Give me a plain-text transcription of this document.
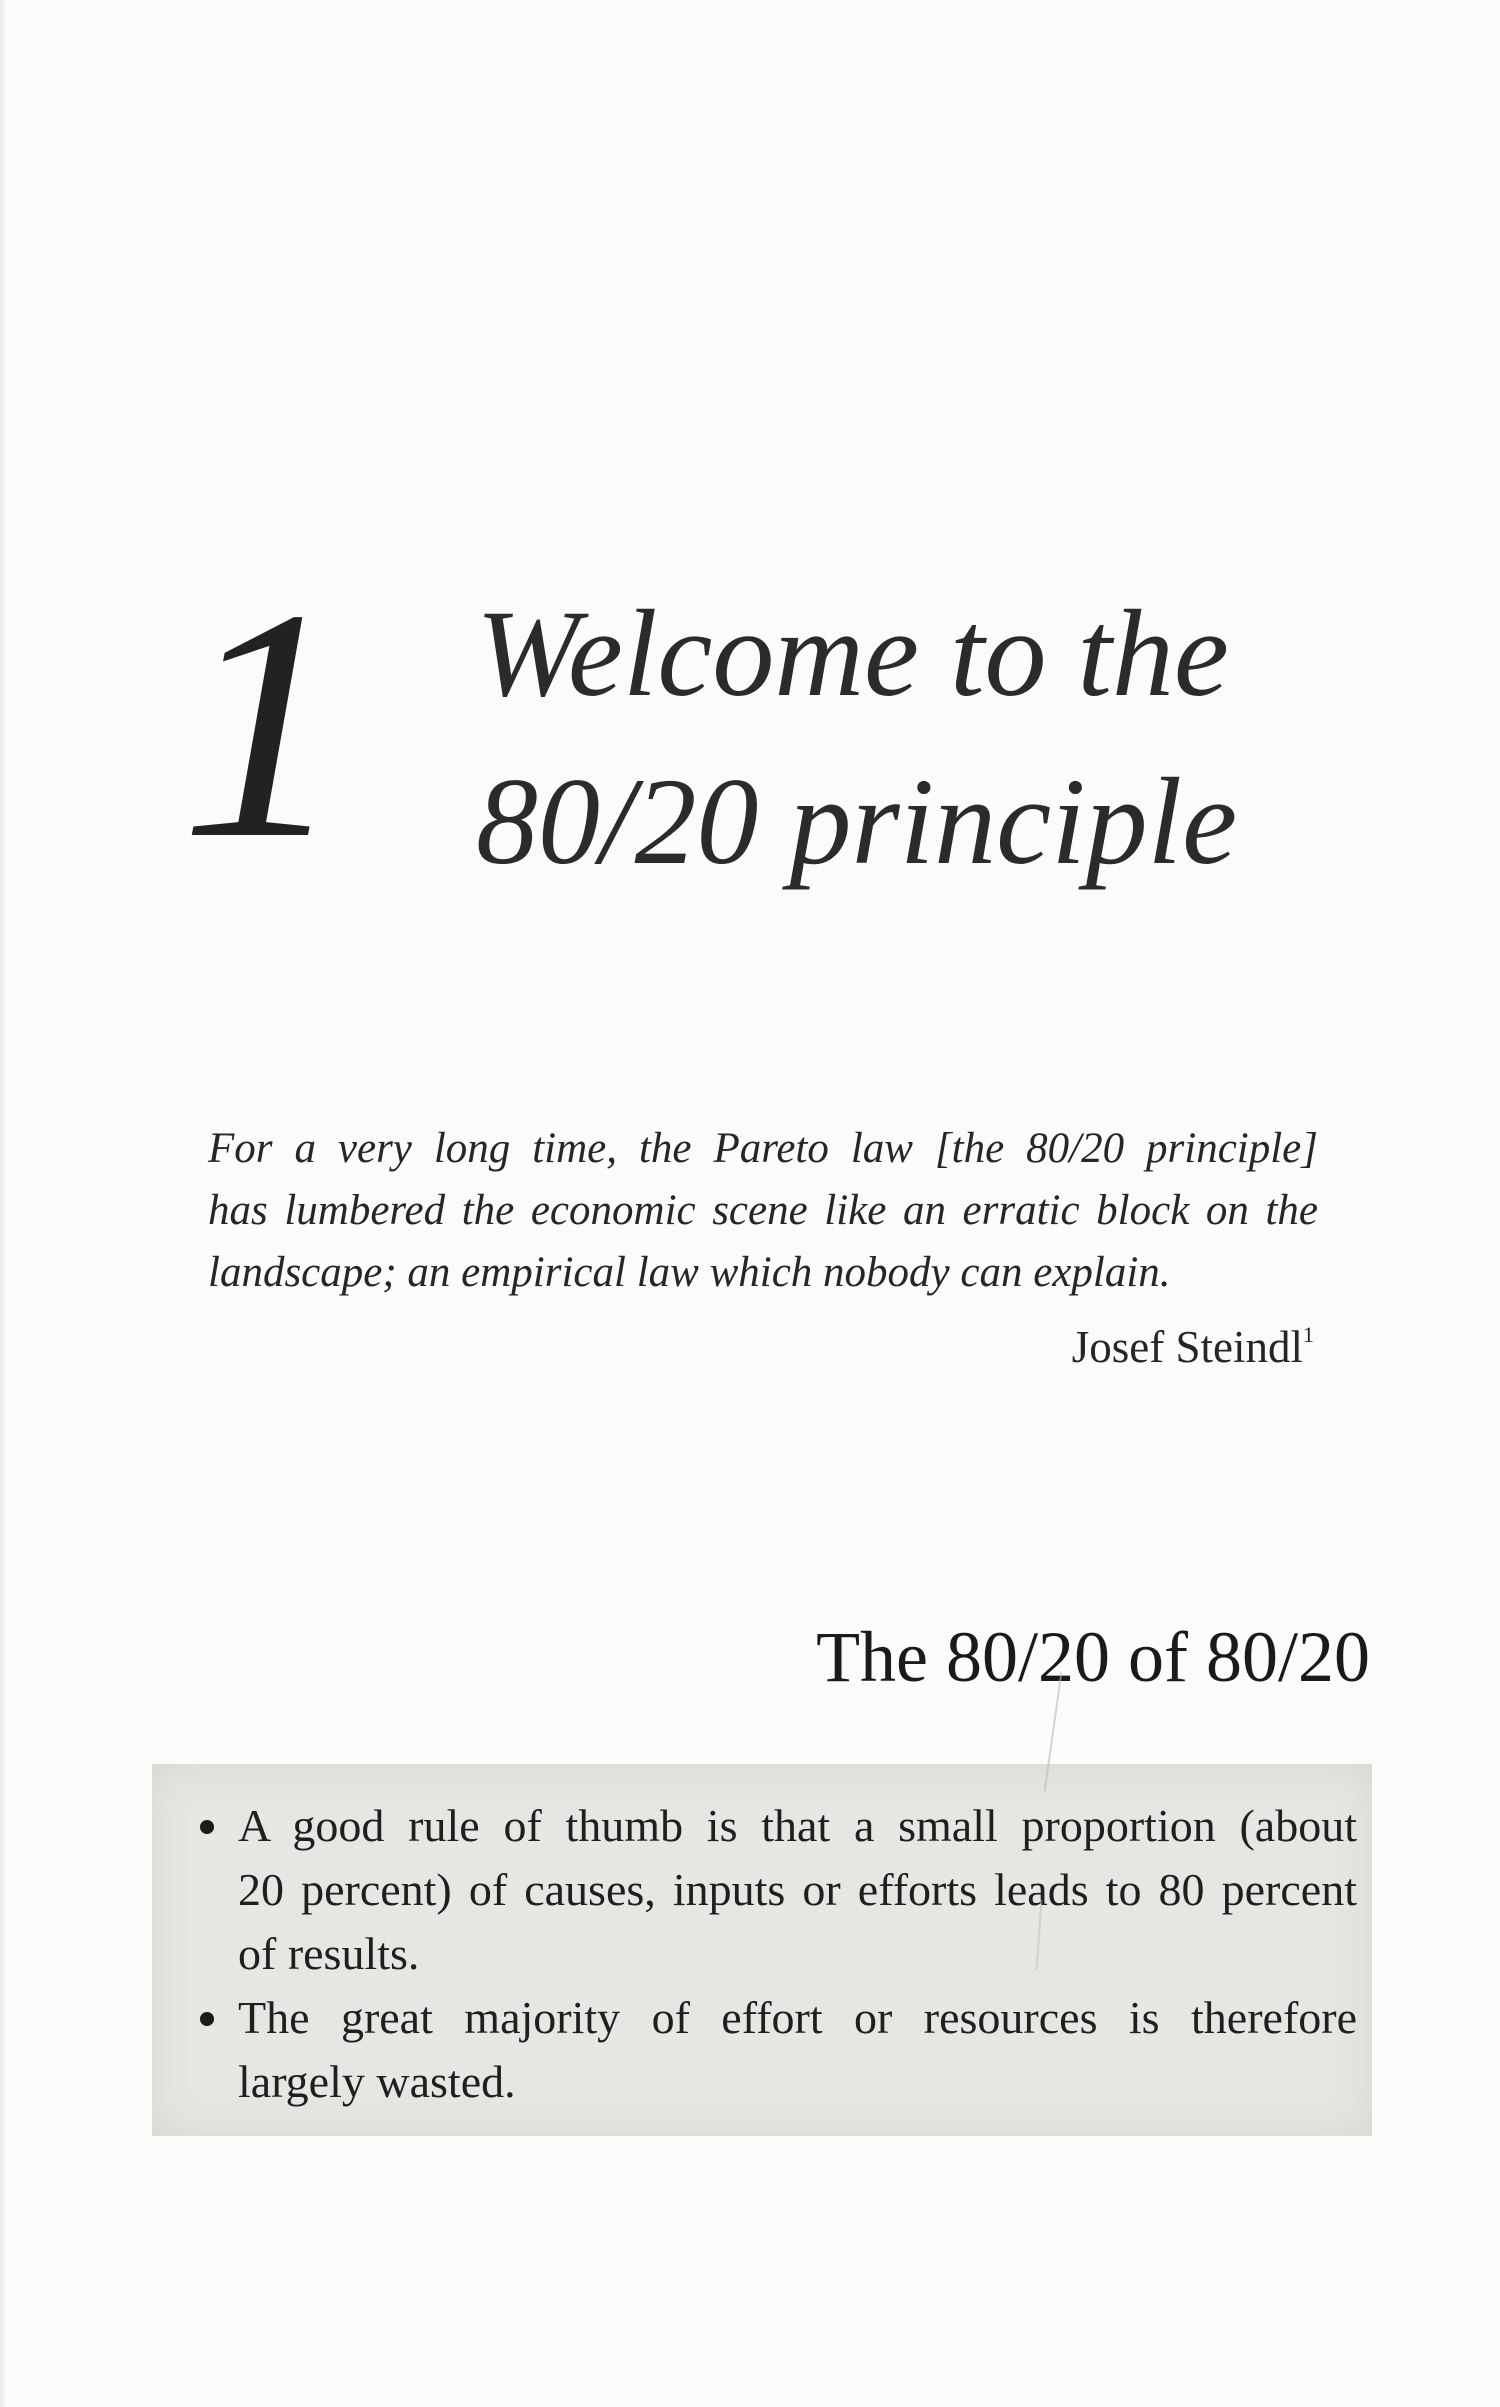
1 Welcome to the
80/20 principle
For a very long time, the Pareto law [the 80/20 principle]
has lumbered the economic scene like an erratic block on the
landscape; an empirical law which nobody can explain.
Josef Steindl$^1$
The 80/20 of 80/20
A good rule of thumb is that a small proportion (about
20 percent) of causes, inputs or efforts leads to 80 percent
of results.
The great majority of effort or resources is therefore
largely wasted.
